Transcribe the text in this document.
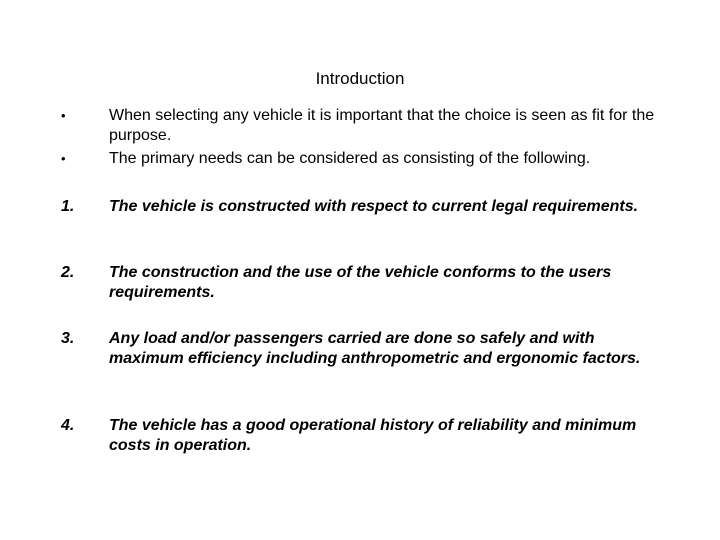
Introduction
•	When selecting any vehicle it is important that the choice is seen as fit for the purpose.
•	The primary needs can be considered as consisting of the following.
1. The vehicle is constructed with respect to current legal requirements.
2. The construction and the use of the vehicle conforms to the users requirements.
3. Any load and/or passengers carried are done so safely and with maximum efficiency including anthropometric and ergonomic factors.
4. The vehicle has a good operational history of reliability and minimum costs in operation.
